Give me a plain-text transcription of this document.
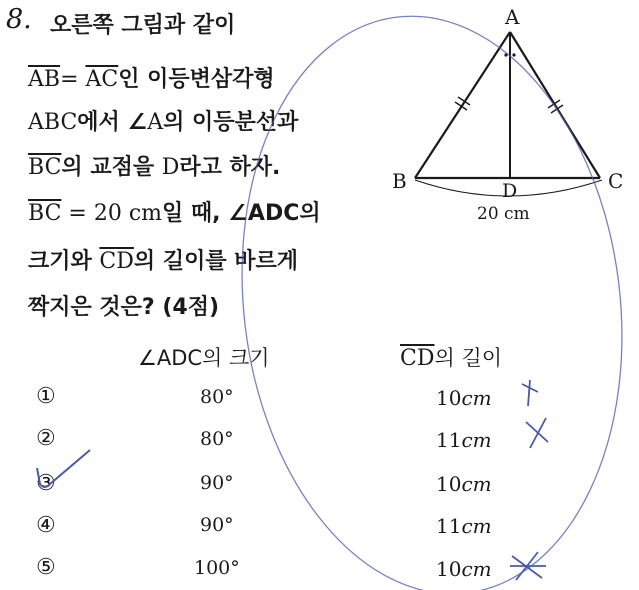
8. 오른쪽 그림과 같이
$\overline{AB}= \overline{AC}$인 이등변삼각형
ABC에서 ∠A의 이등분선과
$\overline{BC}$의 교점을 D라고 하자.
$\overline{BC} = 20$ cm일 때, ∠ADC의
크기와 $\overline{CD}$의 길이를 바르게
짝지은 것은? (4점)
A
B	C
D
20 cm
∠ADC의 크기	$\overline{CD}$의 길이
①	80°	10cm
②	80°	11cm
③	90°	10cm
④	90°	11cm
⑤	100°	10cm
